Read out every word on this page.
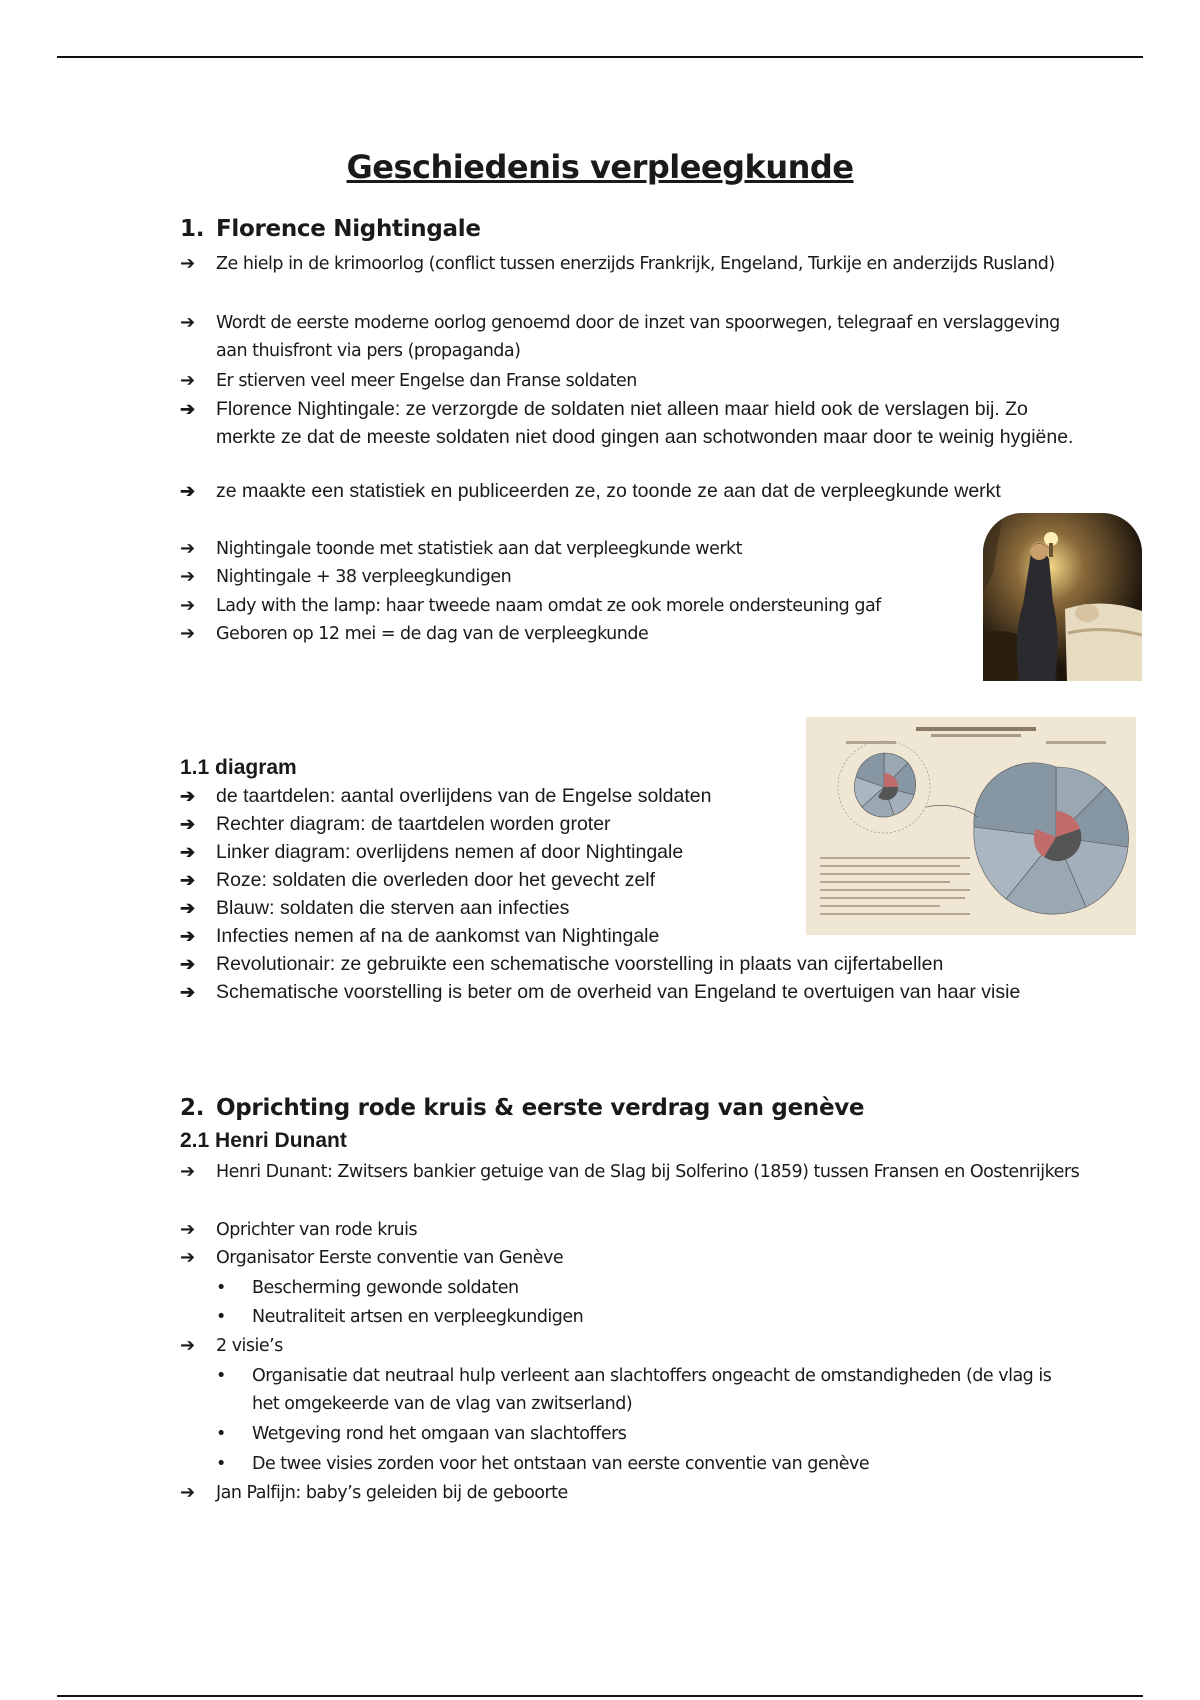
Geschiedenis verpleegkunde
1. Florence Nightingale
➔ Ze hielp in de krimoorlog (conflict tussen enerzijds Frankrijk, Engeland, Turkije en anderzijds Rusland)
➔ Wordt de eerste moderne oorlog genoemd door de inzet van spoorwegen, telegraaf en verslaggeving aan thuisfront via pers (propaganda)
➔ Er stierven veel meer Engelse dan Franse soldaten
➔ Florence Nightingale: ze verzorgde de soldaten niet alleen maar hield ook de verslagen bij. Zo merkte ze dat de meeste soldaten niet dood gingen aan schotwonden maar door te weinig hygiëne.
➔ ze maakte een statistiek en publiceerden ze, zo toonde ze aan dat de verpleegkunde werkt
➔ Nightingale toonde met statistiek aan dat verpleegkunde werkt
➔ Nightingale + 38 verpleegkundigen
➔ Lady with the lamp: haar tweede naam omdat ze ook morele ondersteuning gaf
➔ Geboren op 12 mei = de dag van de verpleegkunde
1.1 diagram
➔ de taartdelen: aantal overlijdens van de Engelse soldaten
➔ Rechter diagram: de taartdelen worden groter
➔ Linker diagram: overlijdens nemen af door Nightingale
➔ Roze: soldaten die overleden door het gevecht zelf
➔ Blauw: soldaten die sterven aan infecties
➔ Infecties nemen af na de aankomst van Nightingale
➔ Revolutionair: ze gebruikte een schematische voorstelling in plaats van cijfertabellen
➔ Schematische voorstelling is beter om de overheid van Engeland te overtuigen van haar visie
2. Oprichting rode kruis & eerste verdrag van genève
2.1 Henri Dunant
➔ Henri Dunant: Zwitsers bankier getuige van de Slag bij Solferino (1859) tussen Fransen en Oostenrijkers
➔ Oprichter van rode kruis
➔ Organisator Eerste conventie van Genève
• Bescherming gewonde soldaten
• Neutraliteit artsen en verpleegkundigen
➔ 2 visie’s
• Organisatie dat neutraal hulp verleent aan slachtoffers ongeacht de omstandigheden (de vlag is het omgekeerde van de vlag van zwitserland)
• Wetgeving rond het omgaan van slachtoffers
• De twee visies zorden voor het ontstaan van eerste conventie van genève
➔ Jan Palfijn: baby’s geleiden bij de geboorte
